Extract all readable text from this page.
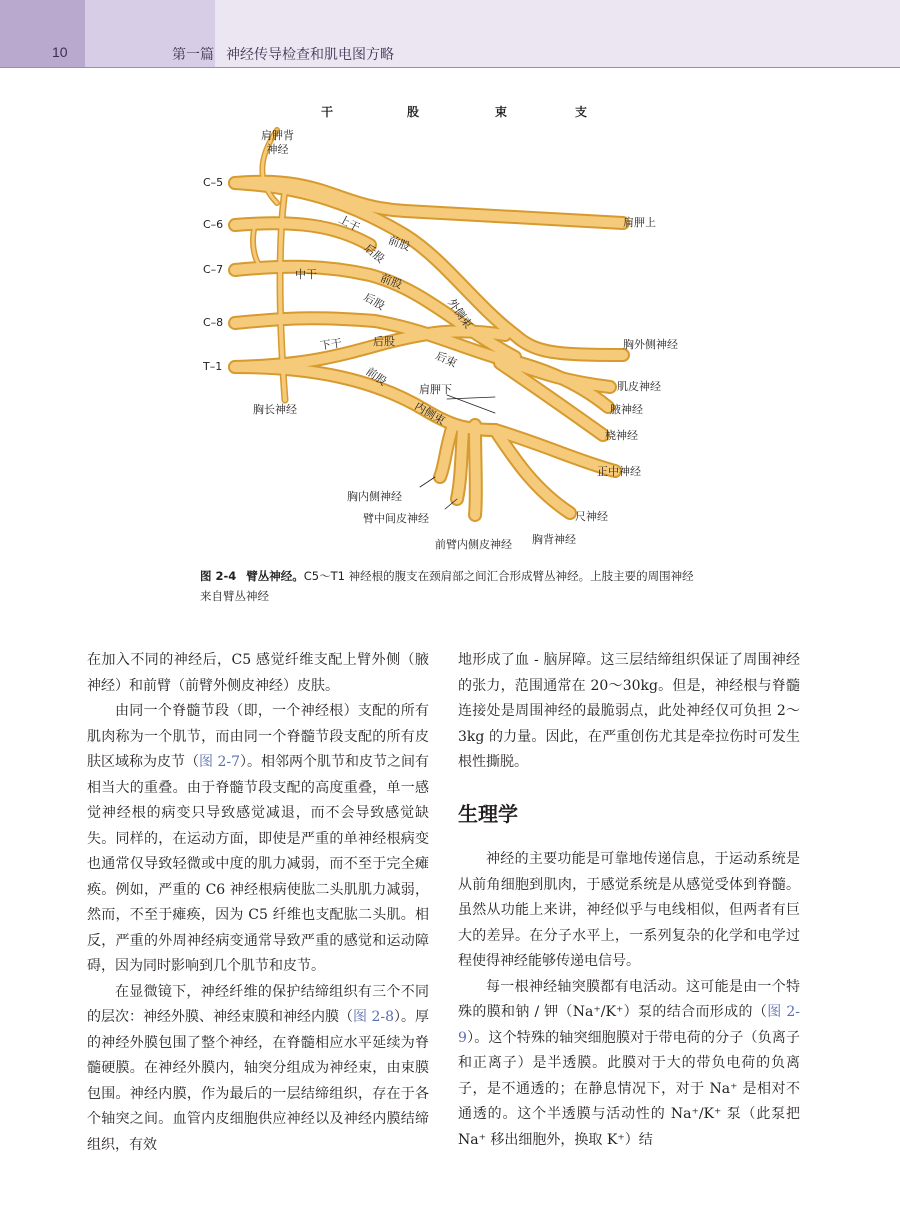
10	第一篇 神经传导检查和肌电图方略
干	股	束	支
肩胛背
神经
C–5
C–6
C–7
C–8
T–1
上干
前股
后股
中干	前股
后股	外侧束
下干	后股
后束
前股
肩胛下
内侧束
肩胛上
胸外侧神经
胸长神经
肌皮神经
腋神经
桡神经
正中神经
胸内侧神经
尺神经
臂中间皮神经
胸背神经
前臂内侧皮神经
图 2-4 臂丛神经。C5～T1 神经根的腹支在颈肩部之间汇合形成臂丛神经。上肢主要的周围神经来自臂丛神经

在加入不同的神经后，C5 感觉纤维支配上臂外侧（腋神经）和前臂（前臂外侧皮神经）皮肤。

由同一个脊髓节段（即，一个神经根）支配的所有肌肉称为一个肌节，而由同一个脊髓节段支配的所有皮肤区域称为皮节（图 2-7）。相邻两个肌节和皮节之间有相当大的重叠。由于脊髓节段支配的高度重叠，单一感觉神经根的病变只导致感觉减退，而不会导致感觉缺失。同样的，在运动方面，即使是严重的单神经根病变也通常仅导致轻微或中度的肌力减弱，而不至于完全瘫痪。例如，严重的 C6 神经根病使肱二头肌肌力减弱，然而，不至于瘫痪，因为 C5 纤维也支配肱二头肌。相反，严重的外周神经病变通常导致严重的感觉和运动障碍，因为同时影响到几个肌节和皮节。

在显微镜下，神经纤维的保护结缔组织有三个不同的层次：神经外膜、神经束膜和神经内膜（图 2-8）。厚的神经外膜包围了整个神经，在脊髓相应水平延续为脊髓硬膜。在神经外膜内，轴突分组成为神经束，由束膜包围。神经内膜，作为最后的一层结缔组织，存在于各个轴突之间。血管内皮细胞供应神经以及神经内膜结缔组织，有效

地形成了血 - 脑屏障。这三层结缔组织保证了周围神经的张力，范围通常在 20～30kg。但是，神经根与脊髓连接处是周围神经的最脆弱点，此处神经仅可负担 2～3kg 的力量。因此，在严重创伤尤其是牵拉伤时可发生根性撕脱。

生理学

神经的主要功能是可靠地传递信息，于运动系统是从前角细胞到肌肉，于感觉系统是从感觉受体到脊髓。虽然从功能上来讲，神经似乎与电线相似，但两者有巨大的差异。在分子水平上，一系列复杂的化学和电学过程使得神经能够传递电信号。

每一根神经轴突膜都有电活动。这可能是由一个特殊的膜和钠 / 钾（Na⁺/K⁺）泵的结合而形成的（图 2-9）。这个特殊的轴突细胞膜对于带电荷的分子（负离子和正离子）是半透膜。此膜对于大的带负电荷的负离子，是不通透的；在静息情况下，对于 Na⁺ 是相对不通透的。这个半透膜与活动性的 Na⁺/K⁺ 泵（此泵把 Na⁺ 移出细胞外，换取 K⁺）结
